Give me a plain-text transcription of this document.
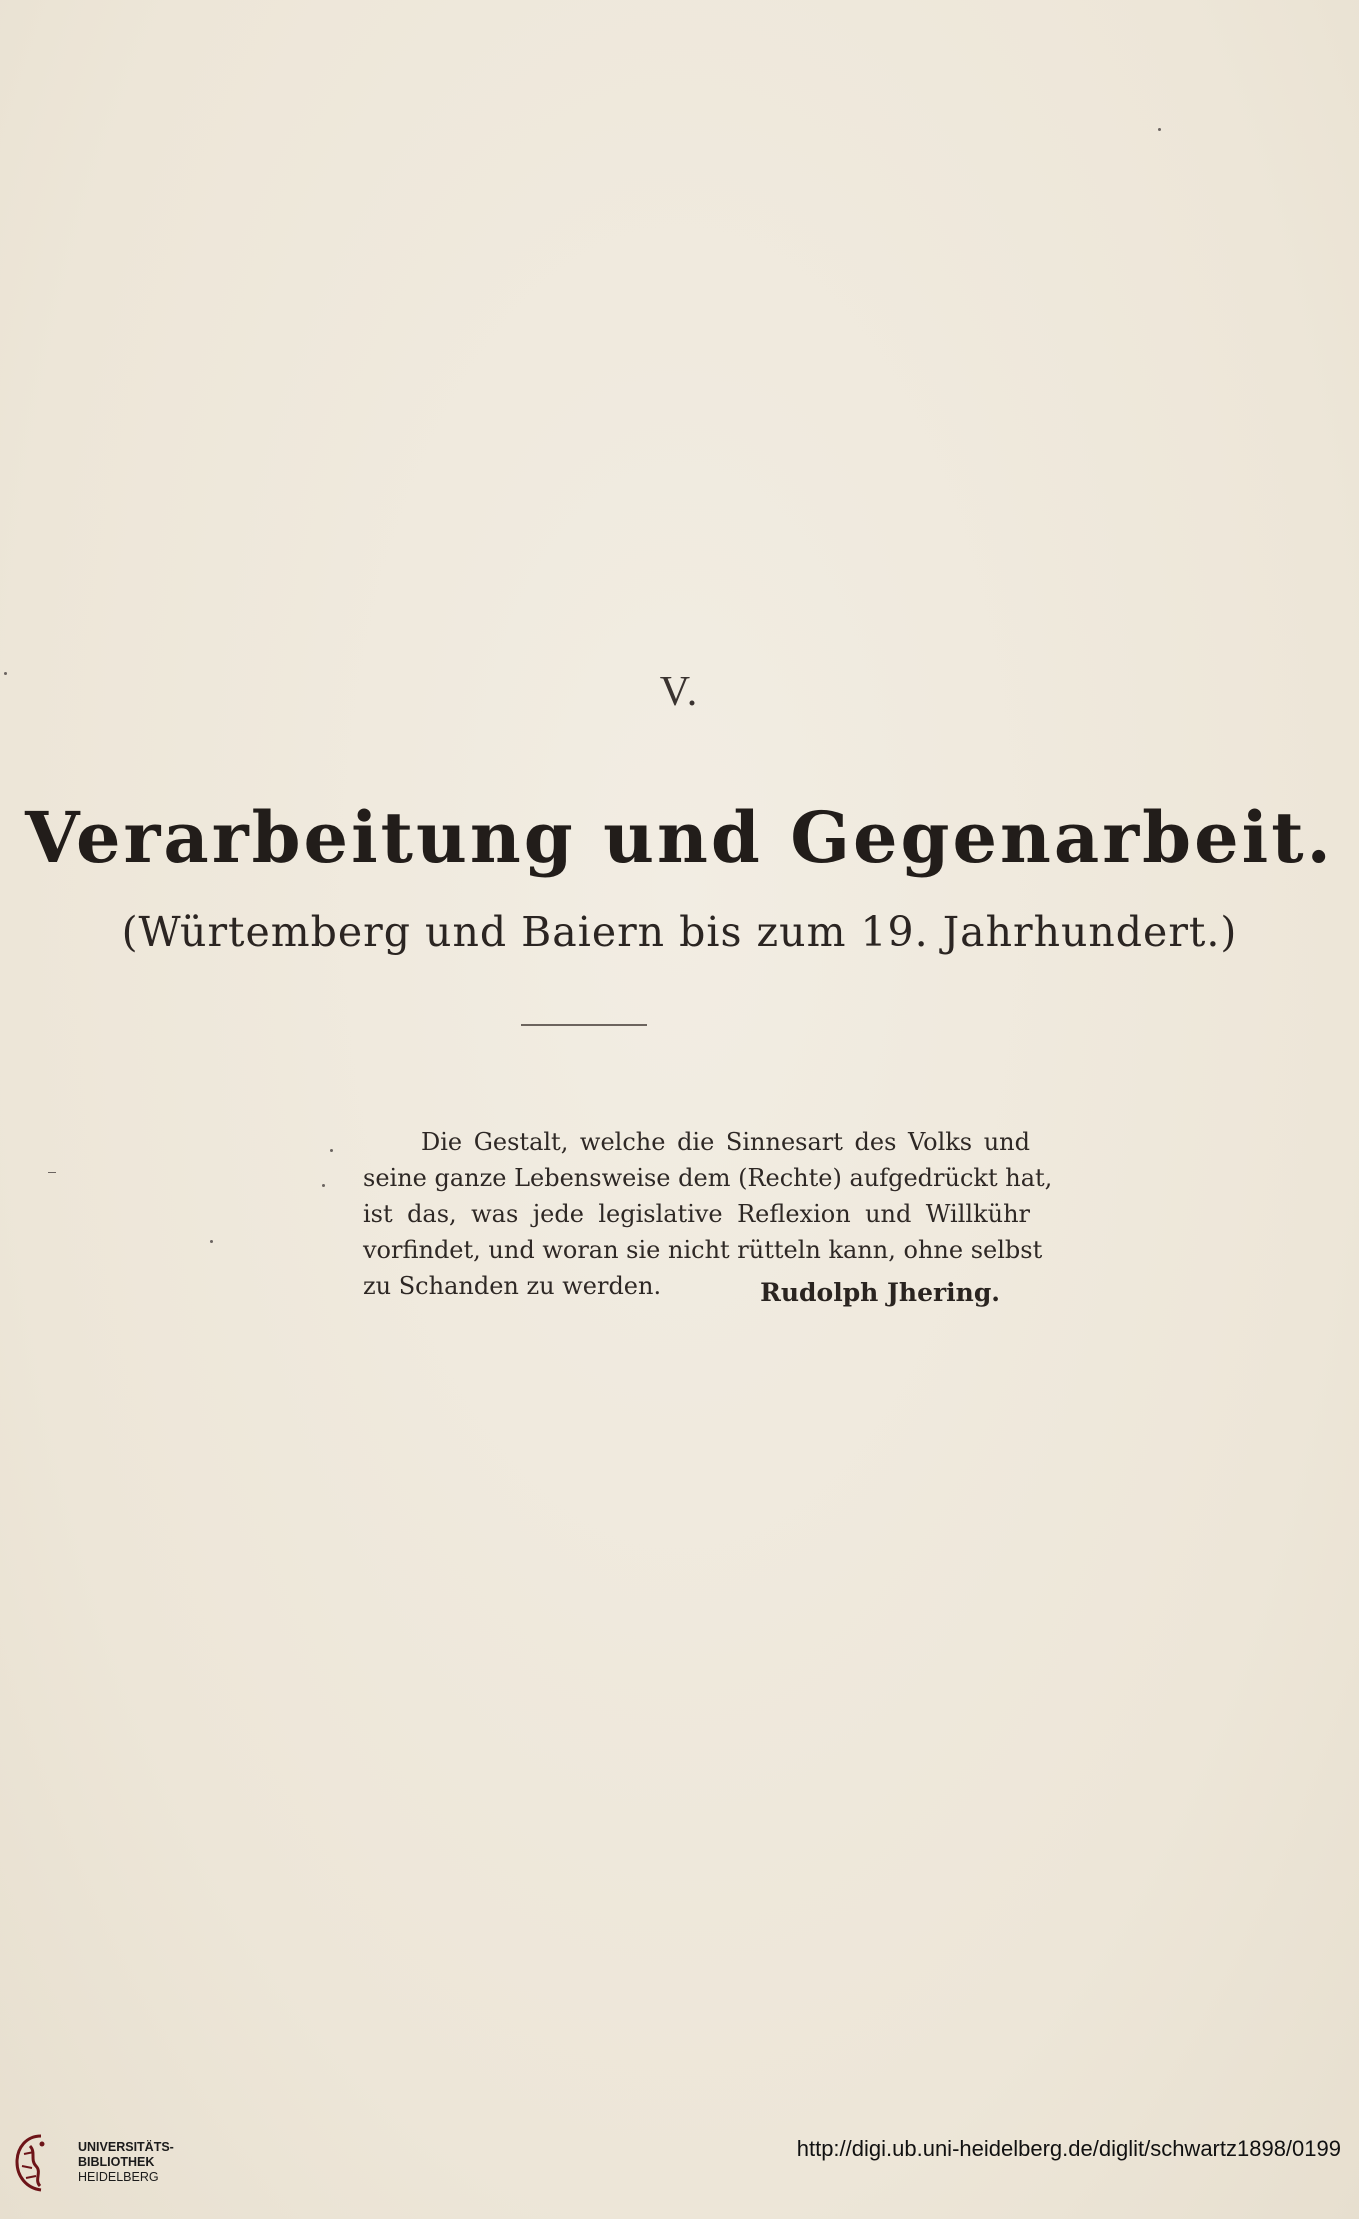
V.
Verarbeitung und Gegenarbeit.
(Würtemberg und Baiern bis zum 19. Jahrhundert.)
Die Gestalt, welche die Sinnesart des Volks und
seine ganze Lebensweise dem (Rechte) aufgedrückt hat,
ist das, was jede legislative Reflexion und Willkühr
vorfindet, und woran sie nicht rütteln kann, ohne selbst
zu Schanden zu werden.	Rudolph Jhering.
UNIVERSITÄTS-
BIBLIOTHEK
HEIDELBERG
http://digi.ub.uni-heidelberg.de/diglit/schwartz1898/0199
